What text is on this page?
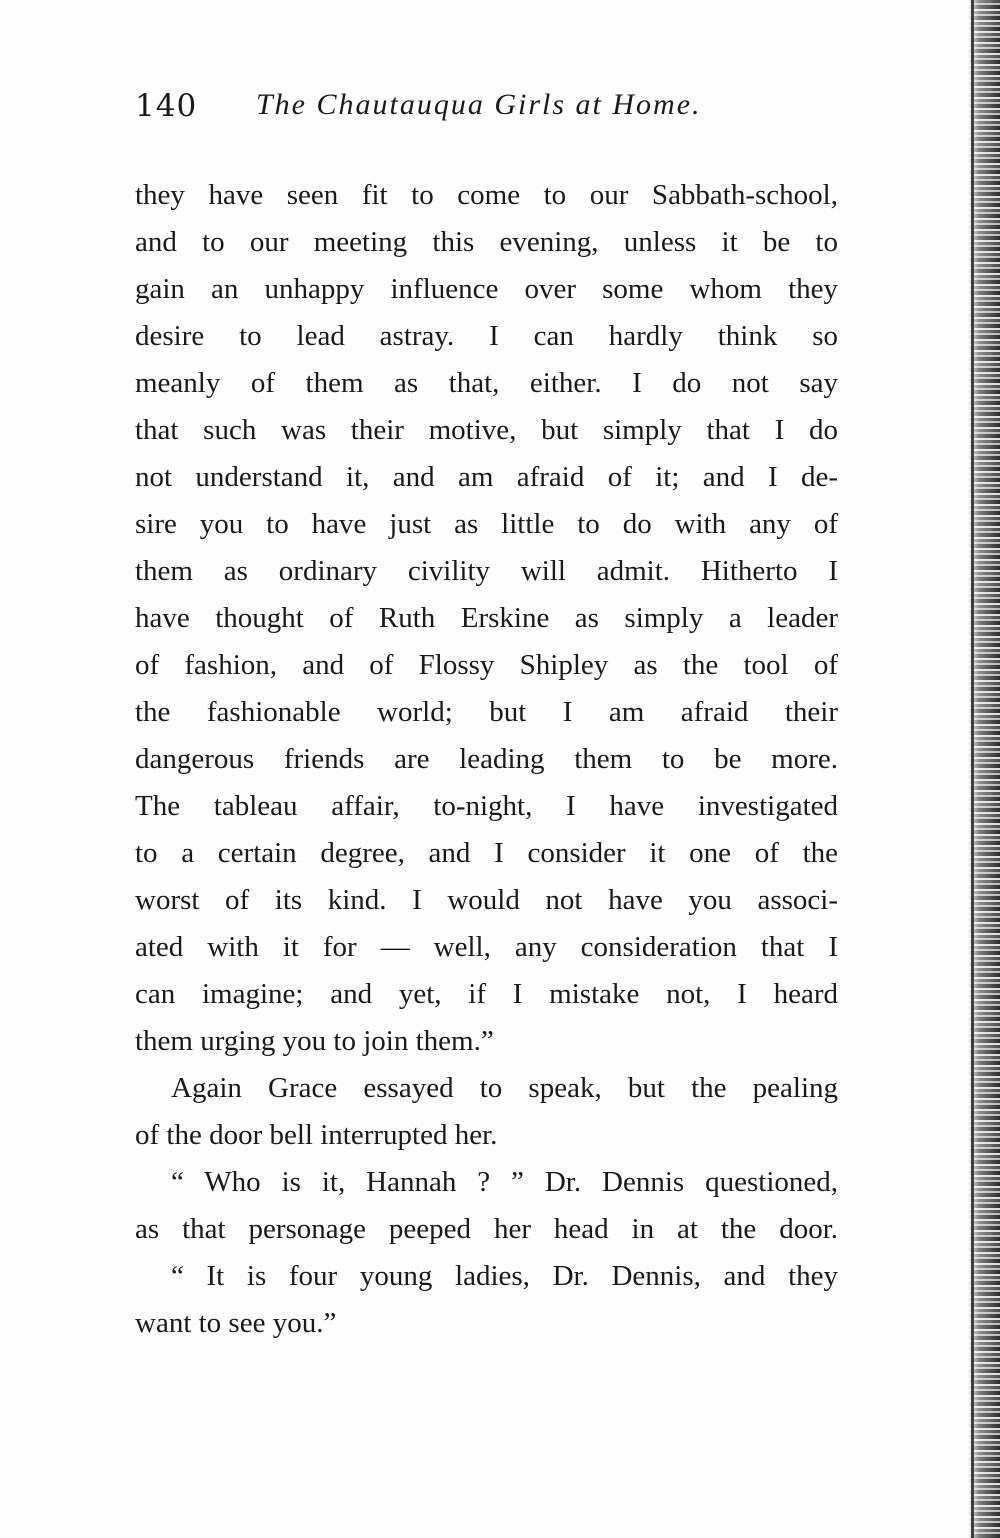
140 The Chautauqua Girls at Home.
they have seen fit to come to our Sabbath-school,
and to our meeting this evening, unless it be to
gain an unhappy influence over some whom they
desire to lead astray. I can hardly think so
meanly of them as that, either. I do not say
that such was their motive, but simply that I do
not understand it, and am afraid of it; and I de-
sire you to have just as little to do with any of
them as ordinary civility will admit. Hitherto I
have thought of Ruth Erskine as simply a leader
of fashion, and of Flossy Shipley as the tool of
the fashionable world; but I am afraid their
dangerous friends are leading them to be more.
The tableau affair, to-night, I have investigated
to a certain degree, and I consider it one of the
worst of its kind. I would not have you associ-
ated with it for — well, any consideration that I
can imagine; and yet, if I mistake not, I heard
them urging you to join them.”
Again Grace essayed to speak, but the pealing
of the door bell interrupted her.
“ Who is it, Hannah ? ” Dr. Dennis questioned,
as that personage peeped her head in at the door.
“ It is four young ladies, Dr. Dennis, and they
want to see you.”
